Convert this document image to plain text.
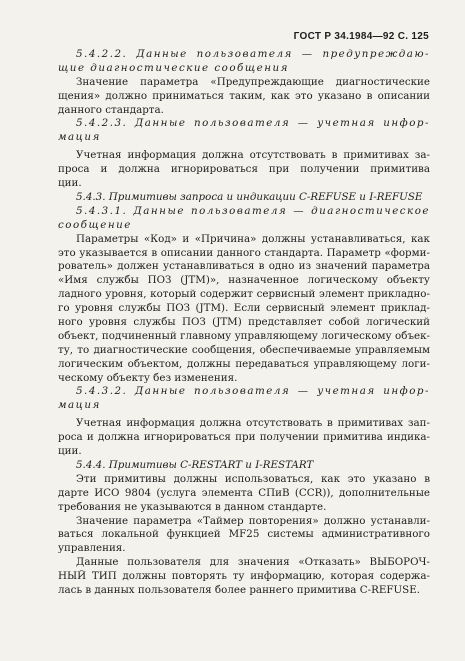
ГОСТ Р 34.1984—92 С. 125
5.4.2.2. Данные пользователя — предупреждаю-
щие диагностические сообщения
Значение параметра «Предупреждающие диагностические
щения» должно приниматься таким, как это указано в описании
данного стандарта.
5.4.2.3. Данные пользователя — учетная инфор-
мация
Учетная информация должна отсутствовать в примитивах за-
проса и должна игнорироваться при получении примитива
ции.
5.4.3. Примитивы запроса и индикации C-REFUSE и I-REFUSE
5.4.3.1. Данные пользователя — диагностическое
сообщение
Параметры «Код» и «Причина» должны устанавливаться, как
это указывается в описании данного стандарта. Параметр «форми-
рователь» должен устанавливаться в одно из значений параметра
«Имя службы ПОЗ (JTM)», назначенное логическому объекту
ладного уровня, который содержит сервисный элемент прикладно-
го уровня службы ПОЗ (JTM). Если сервисный элемент приклад-
ного уровня службы ПОЗ (JTM) представляет собой логический
объект, подчиненный главному управляющему логическому объек-
ту, то диагностические сообщения, обеспечиваемые управляемым
логическим объектом, должны передаваться управляющему логи-
ческому объекту без изменения.
5.4.3.2. Данные пользователя — учетная инфор-
мация
Учетная информация должна отсутствовать в примитивах зап-
роса и должна игнорироваться при получении примитива индика-
ции.
5.4.4. Примитивы C-RESTART и I-RESTART
Эти примитивы должны использоваться, как это указано в
дарте ИСО 9804 (услуга элемента СПиВ (CCR)), дополнительные
требования не указываются в данном стандарте.
Значение параметра «Таймер повторения» должно устанавли-
ваться локальной функцией MF25 системы административного
управления.
Данные пользователя для значения «Отказать» ВЫБОРОЧ-
НЫЙ ТИП должны повторять ту информацию, которая содержа-
лась в данных пользователя более раннего примитива C-REFUSE.
